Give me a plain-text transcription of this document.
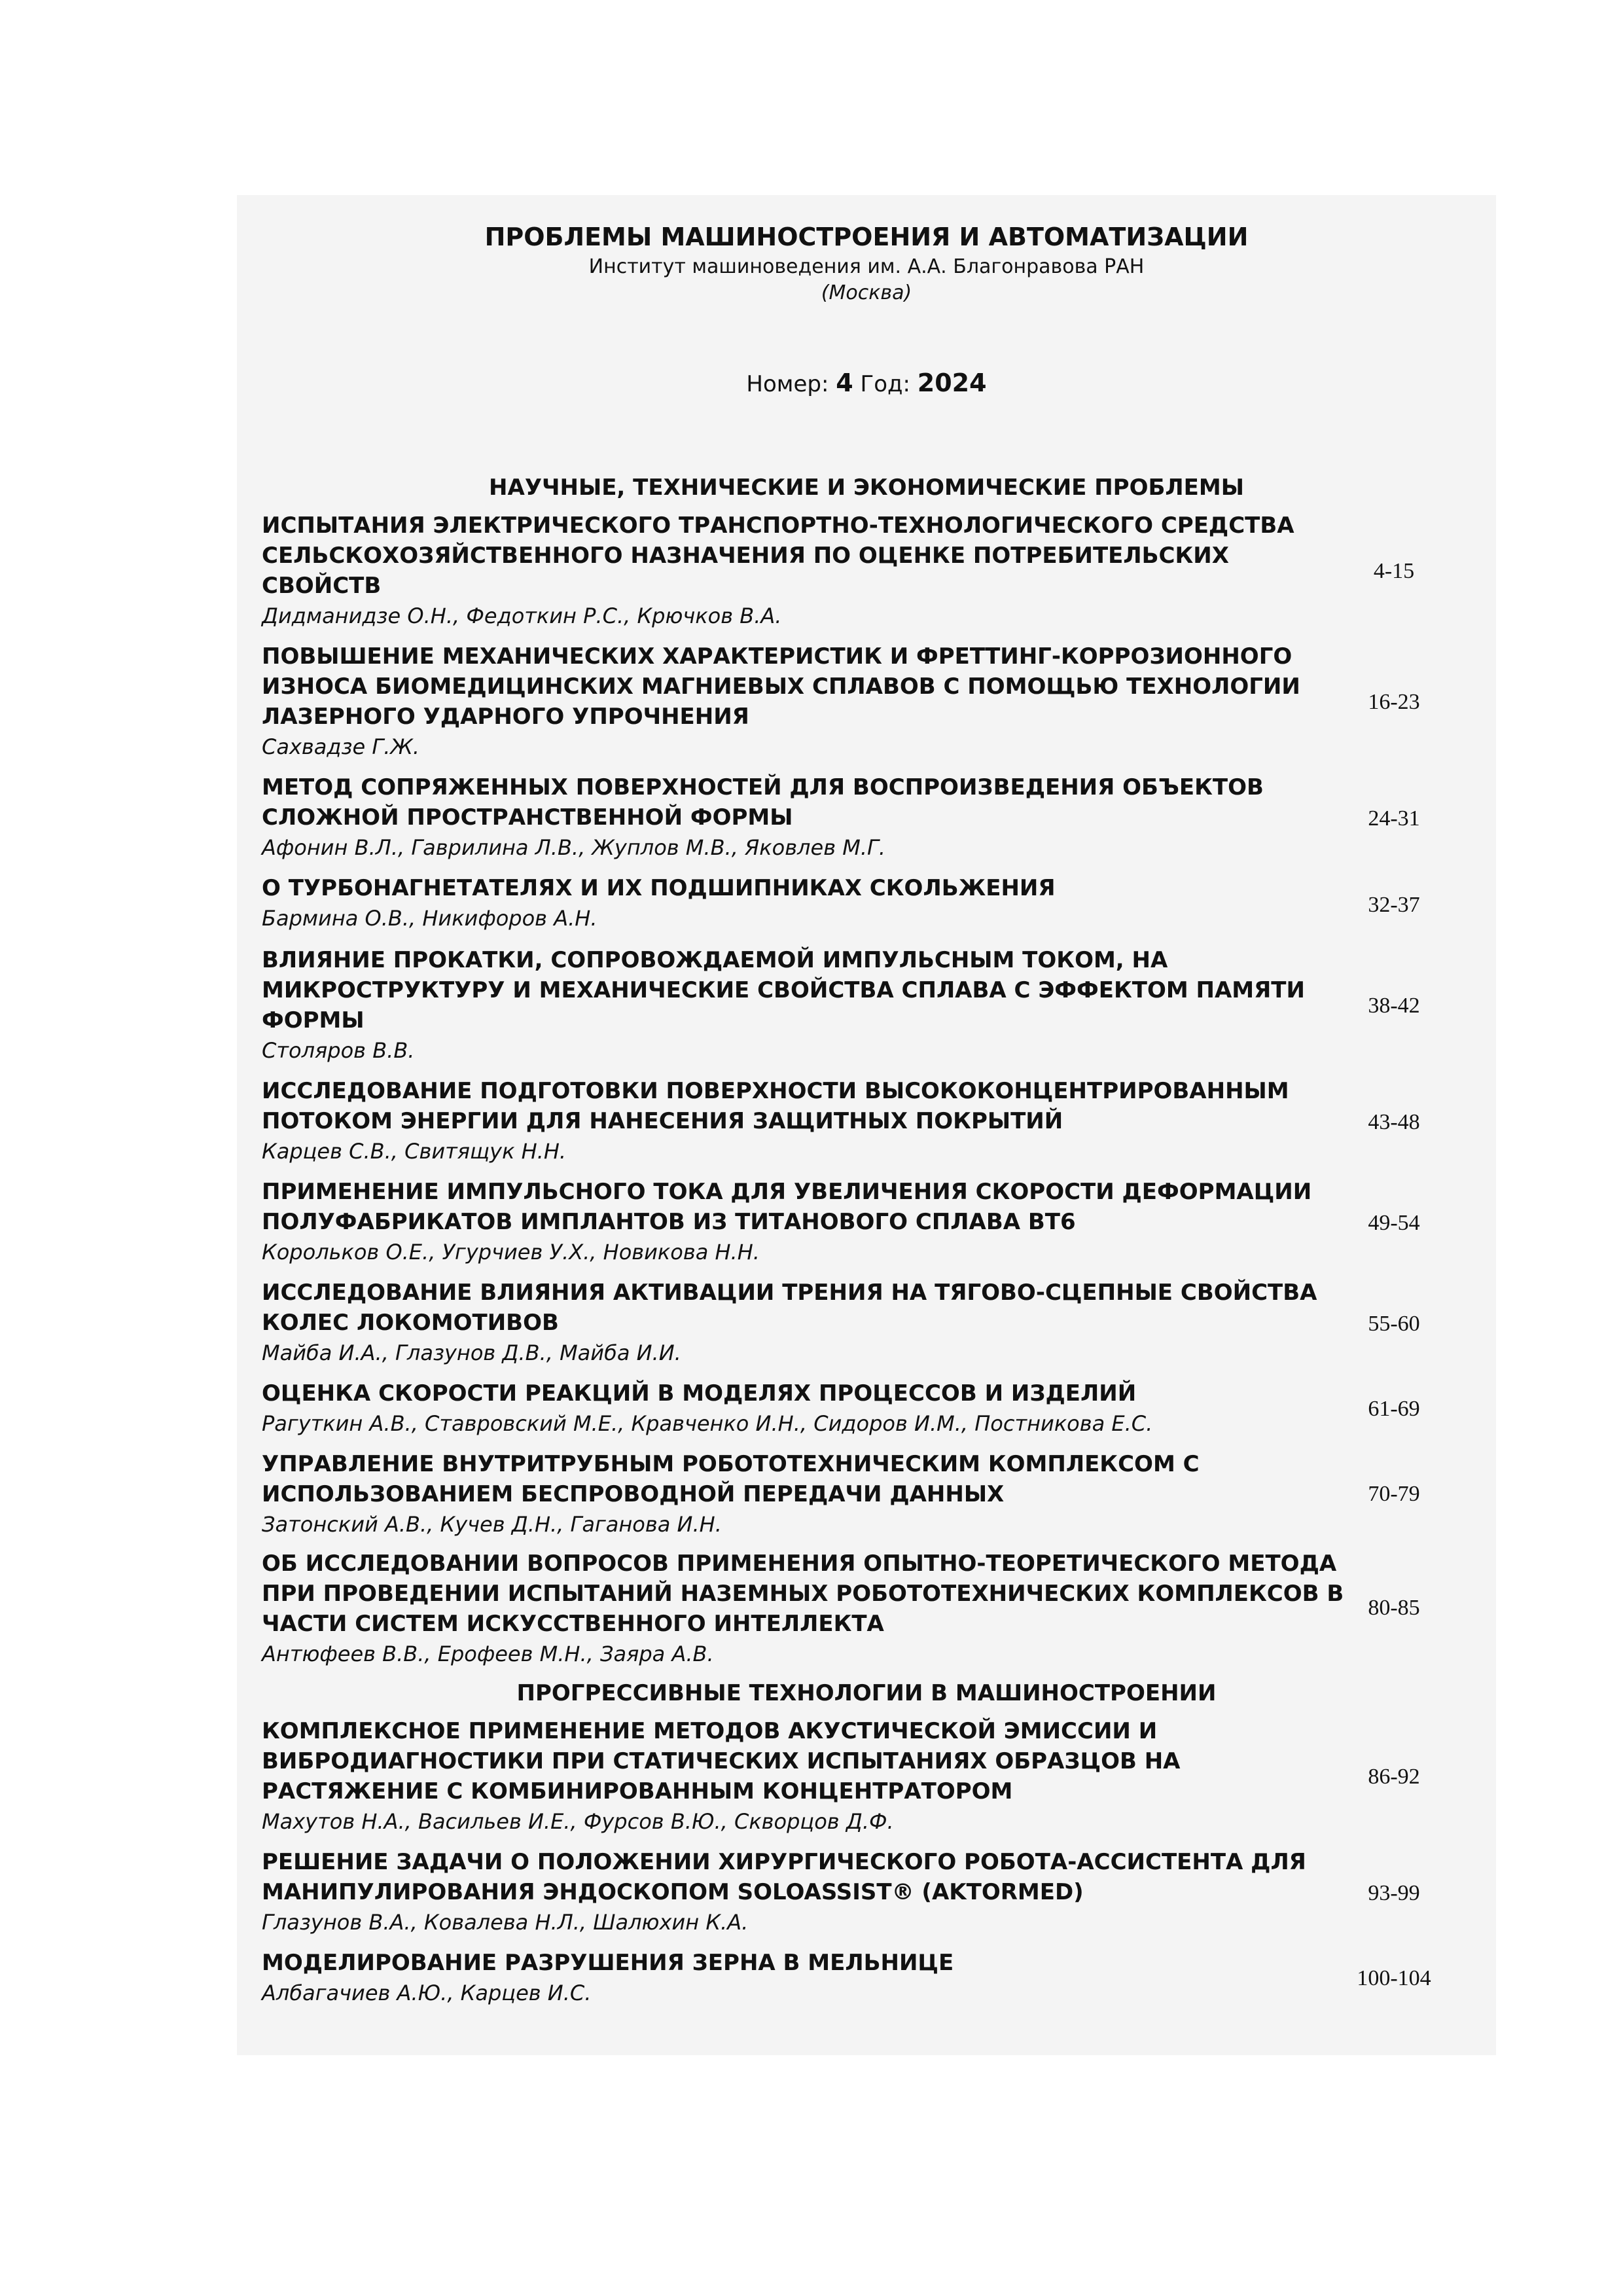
ПРОБЛЕМЫ МАШИНОСТРОЕНИЯ И АВТОМАТИЗАЦИИ

Институт машиноведения им. А.А. Благонравова РАН

(Москва)

Номер: 4 Год: 2024
НАУЧНЫЕ, ТЕХНИЧЕСКИЕ И ЭКОНОМИЧЕСКИЕ ПРОБЛЕМЫ

ИСПЫТАНИЯ ЭЛЕКТРИЧЕСКОГО ТРАНСПОРТНО-ТЕХНОЛОГИЧЕСКОГО СРЕДСТВА СЕЛЬСКОХОЗЯЙСТВЕННОГО НАЗНАЧЕНИЯ ПО ОЦЕНКЕ ПОТРЕБИТЕЛЬСКИХ СВОЙСТВ

Дидманидзе О.Н., Федоткин Р.С., Крючков В.А.

4-15

ПОВЫШЕНИЕ МЕХАНИЧЕСКИХ ХАРАКТЕРИСТИК И ФРЕТТИНГ-КОРРОЗИОННОГО ИЗНОСА БИОМЕДИЦИНСКИХ МАГНИЕВЫХ СПЛАВОВ С ПОМОЩЬЮ ТЕХНОЛОГИИ ЛАЗЕРНОГО УДАРНОГО УПРОЧНЕНИЯ

Сахвадзе Г.Ж.

16-23

МЕТОД СОПРЯЖЕННЫХ ПОВЕРХНОСТЕЙ ДЛЯ ВОСПРОИЗВЕДЕНИЯ ОБЪЕКТОВ СЛОЖНОЙ ПРОСТРАНСТВЕННОЙ ФОРМЫ

Афонин В.Л., Гаврилина Л.В., Жуплов М.В., Яковлев М.Г.

24-31

О ТУРБОНАГНЕТАТЕЛЯХ И ИХ ПОДШИПНИКАХ СКОЛЬЖЕНИЯ

Бармина О.В., Никифоров А.Н.

32-37

ВЛИЯНИЕ ПРОКАТКИ, СОПРОВОЖДАЕМОЙ ИМПУЛЬСНЫМ ТОКОМ, НА МИКРОСТРУКТУРУ И МЕХАНИЧЕСКИЕ СВОЙСТВА СПЛАВА С ЭФФЕКТОМ ПАМЯТИ ФОРМЫ

Столяров В.В.

38-42

ИССЛЕДОВАНИЕ ПОДГОТОВКИ ПОВЕРХНОСТИ ВЫСОКОКОНЦЕНТРИРОВАННЫМ ПОТОКОМ ЭНЕРГИИ ДЛЯ НАНЕСЕНИЯ ЗАЩИТНЫХ ПОКРЫТИЙ

Карцев С.В., Свитящук Н.Н.

43-48

ПРИМЕНЕНИЕ ИМПУЛЬСНОГО ТОКА ДЛЯ УВЕЛИЧЕНИЯ СКОРОСТИ ДЕФОРМАЦИИ ПОЛУФАБРИКАТОВ ИМПЛАНТОВ ИЗ ТИТАНОВОГО СПЛАВА ВТ6

Корольков О.Е., Угурчиев У.Х., Новикова Н.Н.

49-54

ИССЛЕДОВАНИЕ ВЛИЯНИЯ АКТИВАЦИИ ТРЕНИЯ НА ТЯГОВО-СЦЕПНЫЕ СВОЙСТВА КОЛЕС ЛОКОМОТИВОВ

Майба И.А., Глазунов Д.В., Майба И.И.

55-60

ОЦЕНКА СКОРОСТИ РЕАКЦИЙ В МОДЕЛЯХ ПРОЦЕССОВ И ИЗДЕЛИЙ

Рагуткин А.В., Ставровский М.Е., Кравченко И.Н., Сидоров И.М., Постникова Е.С.

61-69

УПРАВЛЕНИЕ ВНУТРИТРУБНЫМ РОБОТОТЕХНИЧЕСКИМ КОМПЛЕКСОМ С ИСПОЛЬЗОВАНИЕМ БЕСПРОВОДНОЙ ПЕРЕДАЧИ ДАННЫХ

Затонский А.В., Кучев Д.Н., Гаганова И.Н.

70-79

ОБ ИССЛЕДОВАНИИ ВОПРОСОВ ПРИМЕНЕНИЯ ОПЫТНО-ТЕОРЕТИЧЕСКОГО МЕТОДА ПРИ ПРОВЕДЕНИИ ИСПЫТАНИЙ НАЗЕМНЫХ РОБОТОТЕХНИЧЕСКИХ КОМПЛЕКСОВ В ЧАСТИ СИСТЕМ ИСКУССТВЕННОГО ИНТЕЛЛЕКТА

Антюфеев В.В., Ерофеев М.Н., Заяра А.В.

80-85
ПРОГРЕССИВНЫЕ ТЕХНОЛОГИИ В МАШИНОСТРОЕНИИ

КОМПЛЕКСНОЕ ПРИМЕНЕНИЕ МЕТОДОВ АКУСТИЧЕСКОЙ ЭМИССИИ И ВИБРОДИАГНОСТИКИ ПРИ СТАТИЧЕСКИХ ИСПЫТАНИЯХ ОБРАЗЦОВ НА РАСТЯЖЕНИЕ С КОМБИНИРОВАННЫМ КОНЦЕНТРАТОРОМ

Махутов Н.А., Васильев И.Е., Фурсов В.Ю., Скворцов Д.Ф.

86-92

РЕШЕНИЕ ЗАДАЧИ О ПОЛОЖЕНИИ ХИРУРГИЧЕСКОГО РОБОТА-АССИСТЕНТА ДЛЯ МАНИПУЛИРОВАНИЯ ЭНДОСКОПОМ SOLOASSIST® (AKTORMED)

Глазунов В.А., Ковалева Н.Л., Шалюхин К.А.

93-99

МОДЕЛИРОВАНИЕ РАЗРУШЕНИЯ ЗЕРНА В МЕЛЬНИЦЕ

Албагачиев А.Ю., Карцев И.С.

100-104
